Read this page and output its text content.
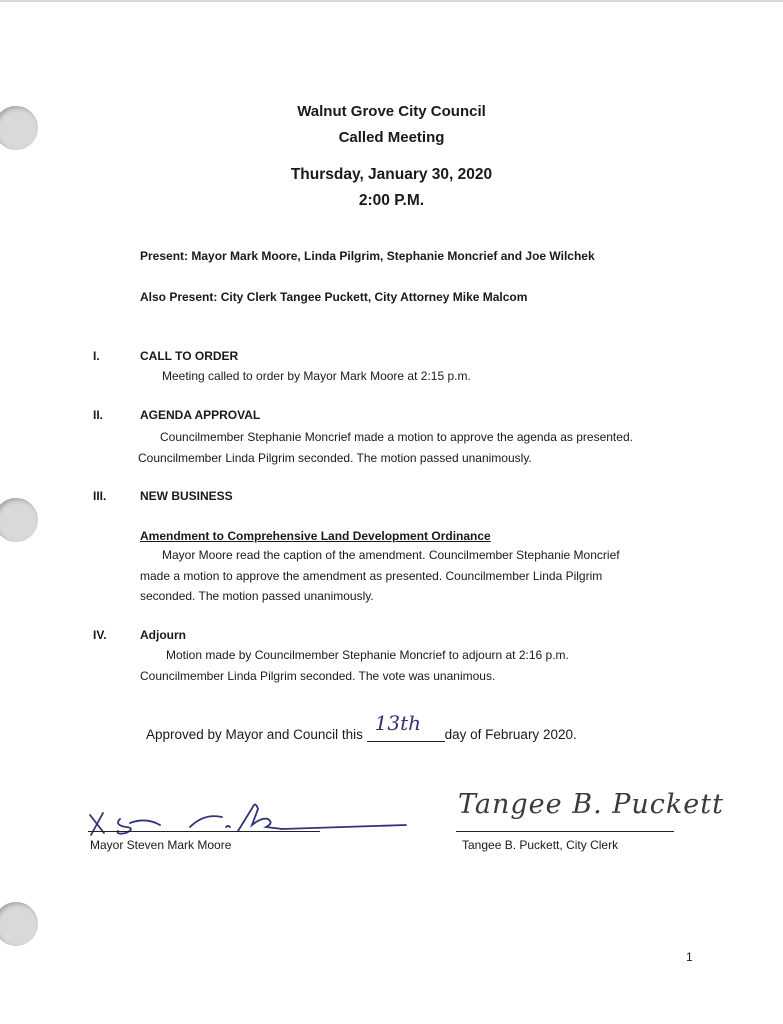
Walnut Grove City Council
Called Meeting
Thursday, January 30, 2020
2:00 P.M.
Present: Mayor Mark Moore, Linda Pilgrim, Stephanie Moncrief and Joe Wilchek
Also Present: City Clerk Tangee Puckett, City Attorney Mike Malcom
I.	CALL TO ORDER
Meeting called to order by Mayor Mark Moore at 2:15 p.m.
II.	AGENDA APPROVAL
Councilmember Stephanie Moncrief made a motion to approve the agenda as presented.
Councilmember Linda Pilgrim seconded. The motion passed unanimously.
III.	NEW BUSINESS
Amendment to Comprehensive Land Development Ordinance
Mayor Moore read the caption of the amendment. Councilmember Stephanie Moncrief
made a motion to approve the amendment as presented. Councilmember Linda Pilgrim
seconded. The motion passed unanimously.
IV.	Adjourn
Motion made by Councilmember Stephanie Moncrief to adjourn at 2:16 p.m.
Councilmember Linda Pilgrim seconded. The vote was unanimous.
Approved by Mayor and Council this 13th day of February 2020.
Mayor Steven Mark Moore
Tangee B. Puckett
Tangee B. Puckett, City Clerk
1
